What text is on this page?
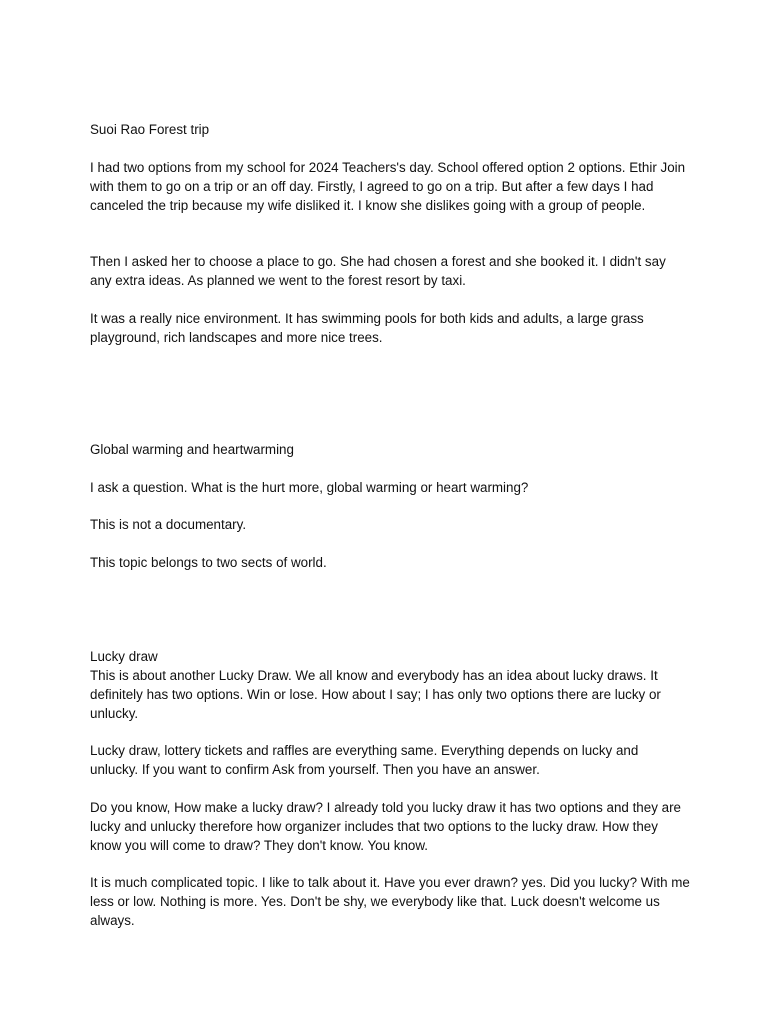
Suoi Rao Forest trip

I had two options from my school for 2024 Teachers's day. School offered option 2 options. Ethir Join with them to go on a trip or an off day. Firstly, I agreed to go on a trip. But after a few days I had canceled the trip because my wife disliked it. I know she dislikes going with a group of people.

Then I asked her to choose a place to go. She had chosen a forest and she booked it. I didn't say any extra ideas. As planned we went to the forest resort by taxi.

It was a really nice environment. It has swimming pools for both kids and adults, a large grass playground, rich landscapes and more nice trees.

Global warming and heartwarming

I ask a question. What is the hurt more, global warming or heart warming?

This is not a documentary.

This topic belongs to two sects of world.

Lucky draw

This is about another Lucky Draw. We all know and everybody has an idea about lucky draws. It definitely has two options. Win or lose. How about I say; I has only two options there are lucky or unlucky.

Lucky draw, lottery tickets and raffles are everything same. Everything depends on lucky and unlucky. If you want to confirm Ask from yourself. Then you have an answer.

Do you know, How make a lucky draw? I already told you lucky draw it has two options and they are lucky and unlucky therefore how organizer includes that two options to the lucky draw. How they know you will come to draw? They don't know. You know.

It is much complicated topic. I like to talk about it. Have you ever drawn? yes. Did you lucky? With me less or low. Nothing is more. Yes. Don't be shy, we everybody like that. Luck doesn't welcome us always.
